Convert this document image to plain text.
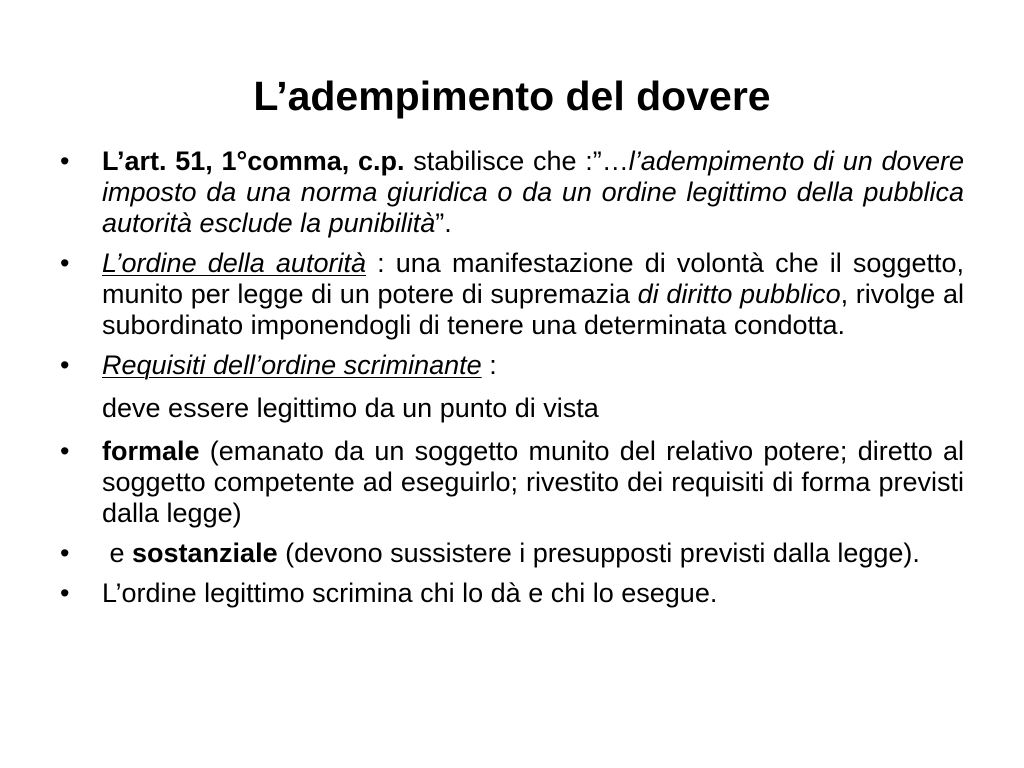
L’adempimento del dovere
•	L’art. 51, 1°comma, c.p. stabilisce che :”…l’adempimento di un dovere imposto da una norma giuridica o da un ordine legittimo della pubblica autorità esclude la punibilità”.
•	L’ordine della autorità : una manifestazione di volontà che il soggetto, munito per legge di un potere di supremazia di diritto pubblico, rivolge al subordinato imponendogli di tenere una determinata condotta.
•	Requisiti dell’ordine scriminante :
deve essere legittimo da un punto di vista
•	formale (emanato da un soggetto munito del relativo potere; diretto al soggetto competente ad eseguirlo; rivestito dei requisiti di forma previsti dalla legge)
•	e sostanziale (devono sussistere i presupposti previsti dalla legge).
•	L’ordine legittimo scrimina chi lo dà e chi lo esegue.
